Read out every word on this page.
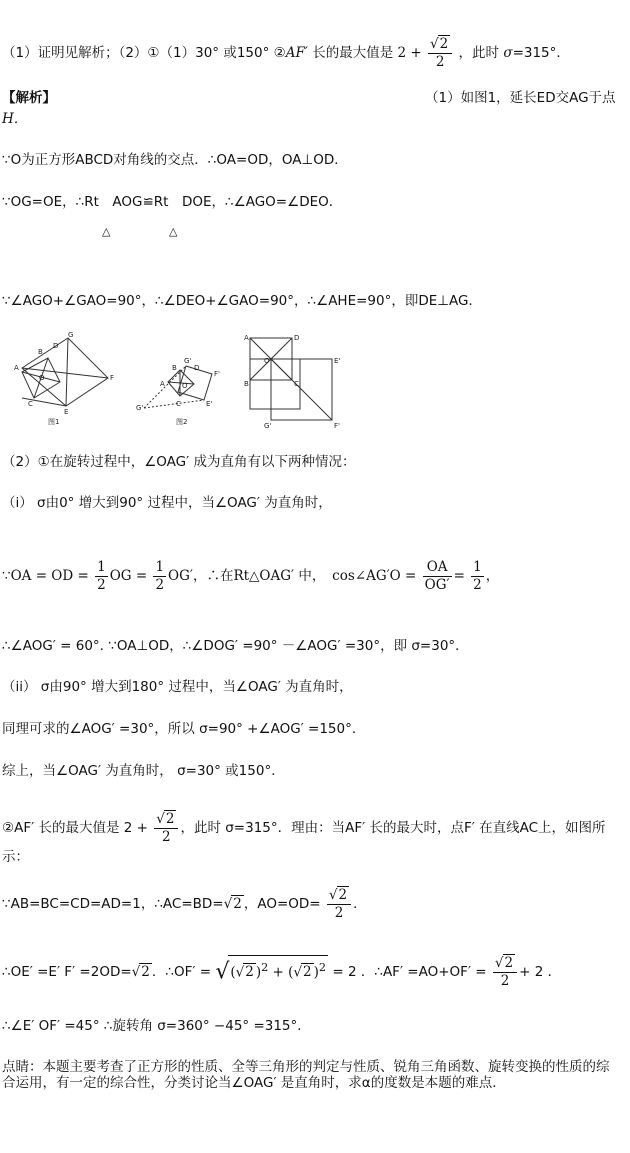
（1）证明见解析；（2）①（1）30° 或150° ②AF′ 长的最大值是 $2 + \frac{√2}{2}$ ，此时 σ=315°．
【解析】	（1）如图1，延长ED交AG于点
H．
∵O为正方形ABCD对角线的交点．∴OA=OD，OA⊥OD．
∵OG=OE，∴Rt　AOG≌Rt　DOE，∴∠AGO=∠DEO．
△	△
∵∠AGO+∠GAO=90°，∴∠DEO+∠GAO=90°，∴∠AHE=90°，即DE⊥AG．
G
B
D
A
O	F
C
E
图1
G'
B D
F'
A O
C	E'
G'
图2
A	D
O	E'
B	C
G'	F'
（2）①在旋转过程中，∠OAG′ 成为直角有以下两种情况：
（i） σ由0° 增大到90° 过程中，当∠OAG′ 为直角时，
∵OA = OD = $\frac{1}{2}$ OG = $\frac{1}{2} OG'$，∴在Rt△OAG′ 中，　cos∠AG′O = $\frac{OA}{OG'} = \frac{1}{2}$ ，
∴∠AOG′ = 60°. ∵OA⊥OD，∴∠DOG′ =90° －∠AOG′ =30°，即 σ=30°．
（ii） σ由90° 增大到180° 过程中，当∠OAG′ 为直角时，
同理可求的∠AOG′ =30°，所以 σ=90° +∠AOG′ =150°．
综上，当∠OAG′ 为直角时， σ=30° 或150°．
②AF′ 长的最大值是 $2 + \frac{√2}{2}$ ，此时 σ=315°．理由：当AF′ 长的最大时，点F′ 在直线AC上，如图所
示：
∵AB=BC=CD=AD=1，∴AC=BD=√2 ，$AO=OD= \frac{√2}{2}$ ．
∴OE′ =E′ F′ =2OD=√2 ．∴OF′ = √(√2 )$^2$ + (√2 )$^2$ = 2 ．∴AF′ $=AO+OF' = \frac{√2}{2} + 2$ ．
∴∠E′ OF′ =45° ∴旋转角 σ=360° −45° =315°．
点睛：本题主要考查了正方形的性质、全等三角形的判定与性质、锐角三角函数、旋转变换的性质的综
合运用，有一定的综合性，分类讨论当∠OAG′ 是直角时，求α的度数是本题的难点．
